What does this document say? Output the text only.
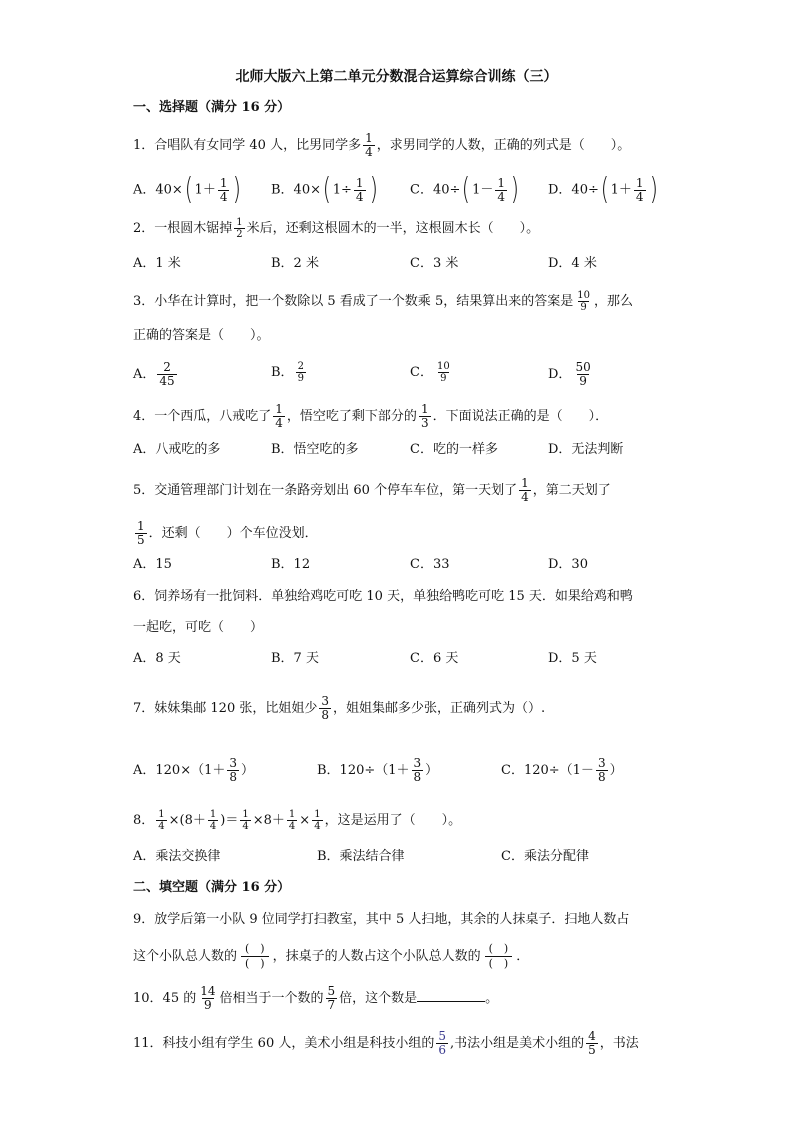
北师大版六上第二单元分数混合运算综合训练（三）
一、选择题（满分 16 分）
1．合唱队有女同学 40 人，比男同学多 $\frac{1}{4}$ ，求男同学的人数，正确的列式是（　　）。
A．40×( $1+ \frac{1}{4}$ ) B．40×( $1\div \frac{1}{4}$ )	C．40÷( $1- \frac{1}{4}$ ) D．40÷( $1+ \frac{1}{4}$ )
2．一根圆木锯掉 $\frac{1}{2}$ 米后，还剩这根圆木的一半，这根圆木长（　　）。
A．1 米	B．2 米	C．3 米	D．4 米
3．小华在计算时，把一个数除以 5 看成了一个数乘 5，结果算出来的答案是 $\frac{10}{9}$ ，那么
正确的答案是（　　）。
A． $\frac{2}{45}$	B． $\frac{2}{9}$	C． $\frac{10}{9}$	D． $\frac{50}{9}$
4．一个西瓜，八戒吃了 $\frac{1}{4}$ ，悟空吃了剩下部分的 $\frac{1}{3}$ ．下面说法正确的是（　　）．
A．八戒吃的多	B．悟空吃的多	C．吃的一样多	D．无法判断
5．交通管理部门计划在一条路旁划出 60 个停车车位，第一天划了 $\frac{1}{4}$ ，第二天划了
$\frac{1}{5}$ ．还剩（　　）个车位没划．
A．15	B．12	C．33	D．30
6．饲养场有一批饲料．单独给鸡吃可吃 10 天，单独给鸭吃可吃 15 天．如果给鸡和鸭
一起吃，可吃（　　）
A．8 天	B．7 天	C．6 天	D．5 天
7．妹妹集邮 120 张，比姐姐少 $\frac{3}{8}$ ，姐姐集邮多少张，正确列式为（）.
A．$120\times(1+ \frac{3}{8}$ ）	B．$120\div(1+ \frac{3}{8}$ ）	C．$120\div(1- \frac{3}{8}$ ）
8． $\frac{1}{4} \times(8+ \frac{1}{4}$ )＝ $\frac{1}{4} \times 8+ \frac{1}{4} \times \frac{1}{4}$ ，这是运用了（　　）。
A．乘法交换律	B．乘法结合律	C．乘法分配律
二、填空题（满分 16 分）
9．放学后第一小队 9 位同学打扫教室，其中 5 人扫地，其余的人抹桌子．扫地人数占
这个小队总人数的 $\frac{( )}{( )}$ ，抹桌子的人数占这个小队总人数的 $\frac{( )}{( )}$ ．
10．45 的 $\frac{14}{9}$ 倍相当于一个数的 $\frac{5}{7}$ 倍，这个数是	。
11．科技小组有学生 60 人，美术小组是科技小组的 $\frac{5}{6}$ ,书法小组是美术小组的 $\frac{4}{5}$ ，书法
